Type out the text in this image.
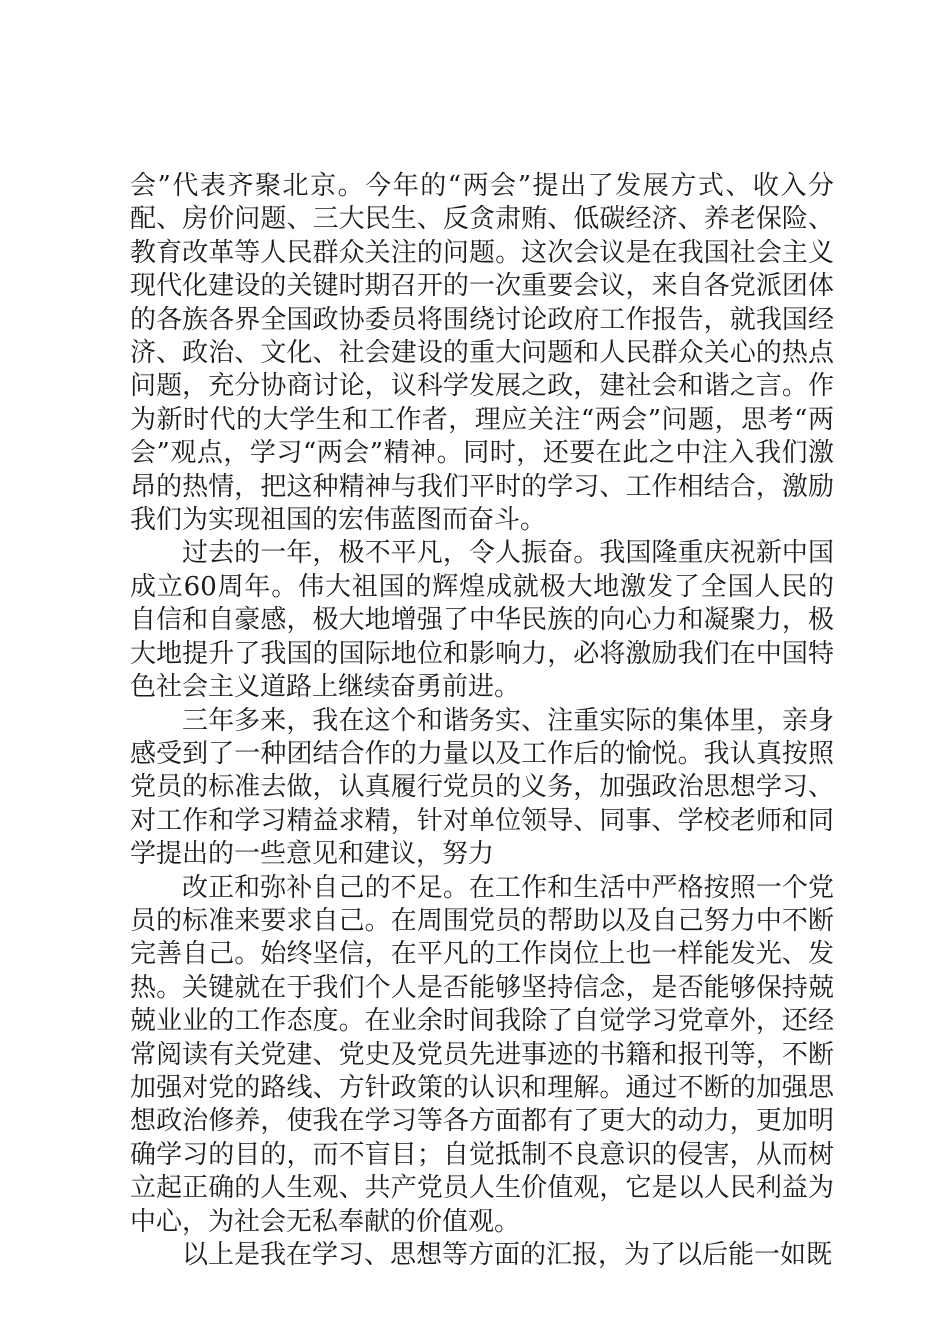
会”代表齐聚北京。今年的“两会”提出了发展方式、收入分配、房价问题、三大民生、反贪肃贿、低碳经济、养老保险、教育改革等人民群众关注的问题。这次会议是在我国社会主义现代化建设的关键时期召开的一次重要会议，来自各党派团体的各族各界全国政协委员将围绕讨论政府工作报告，就我国经济、政治、文化、社会建设的重大问题和人民群众关心的热点问题，充分协商讨论，议科学发展之政，建社会和谐之言。作为新时代的大学生和工作者，理应关注“两会”问题，思考“两会”观点，学习“两会”精神。同时，还要在此之中注入我们激昂的热情，把这种精神与我们平时的学习、工作相结合，激励我们为实现祖国的宏伟蓝图而奋斗。

过去的一年，极不平凡，令人振奋。我国隆重庆祝新中国成立60周年。伟大祖国的辉煌成就极大地激发了全国人民的自信和自豪感，极大地增强了中华民族的向心力和凝聚力，极大地提升了我国的国际地位和影响力，必将激励我们在中国特色社会主义道路上继续奋勇前进。

三年多来，我在这个和谐务实、注重实际的集体里，亲身感受到了一种团结合作的力量以及工作后的愉悦。我认真按照党员的标准去做，认真履行党员的义务，加强政治思想学习、对工作和学习精益求精，针对单位领导、同事、学校老师和同学提出的一些意见和建议，努力

改正和弥补自己的不足。在工作和生活中严格按照一个党员的标准来要求自己。在周围党员的帮助以及自己努力中不断完善自己。始终坚信，在平凡的工作岗位上也一样能发光、发热。关键就在于我们个人是否能够坚持信念，是否能够保持兢兢业业的工作态度。在业余时间我除了自觉学习党章外，还经常阅读有关党建、党史及党员先进事迹的书籍和报刊等，不断加强对党的路线、方针政策的认识和理解。通过不断的加强思想政治修养，使我在学习等各方面都有了更大的动力，更加明确学习的目的，而不盲目；自觉抵制不良意识的侵害，从而树立起正确的人生观、共产党员人生价值观，它是以人民利益为中心，为社会无私奉献的价值观。

以上是我在学习、思想等方面的汇报，为了以后能一如既
